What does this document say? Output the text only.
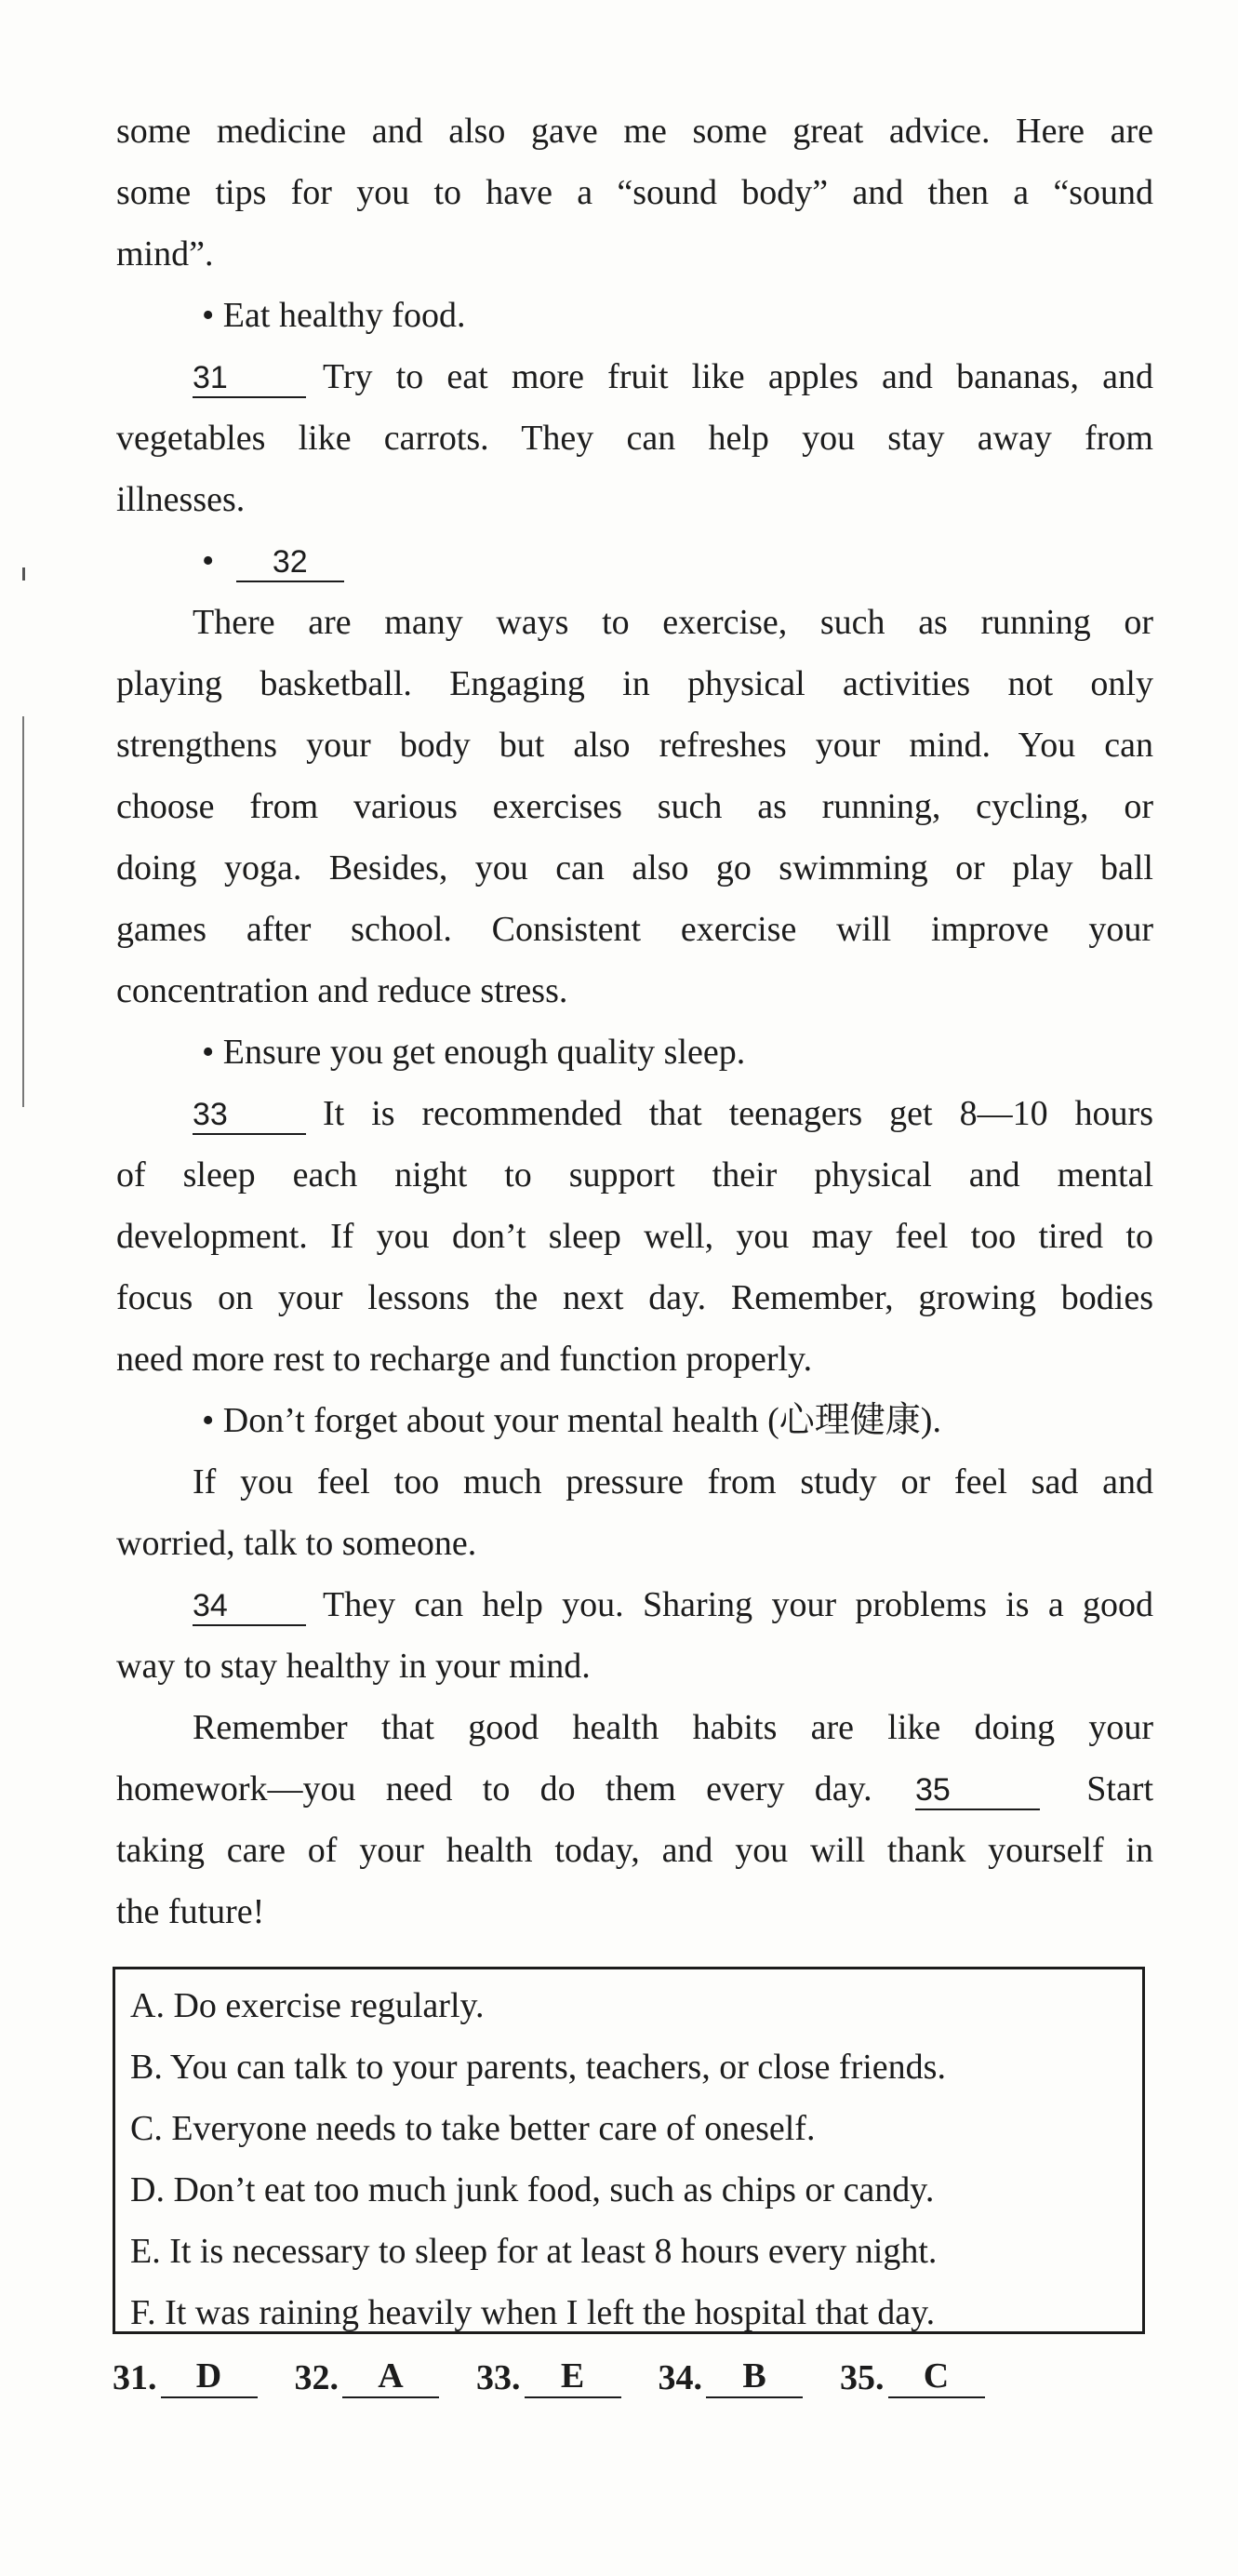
some medicine and also gave me some great advice. Here are
some tips for you to have a “sound body” and then a “sound
mind”.
• Eat healthy food.
31	Try to eat more fruit like apples and bananas, and
vegetables like carrots. They can help you stay away from
illnesses.
• 32
There are many ways to exercise, such as running or
playing basketball. Engaging in physical activities not only
strengthens your body but also refreshes your mind. You can
choose from various exercises such as running, cycling, or
doing yoga. Besides, you can also go swimming or play ball
games after school. Consistent exercise will improve your
concentration and reduce stress.
• Ensure you get enough quality sleep.
33	It is recommended that teenagers get 8—10 hours
of sleep each night to support their physical and mental
development. If you don’t sleep well, you may feel too tired to
focus on your lessons the next day. Remember, growing bodies
need more rest to recharge and function properly.
• Don’t forget about your mental health (心理健康).
If you feel too much pressure from study or feel sad and
worried, talk to someone.
34	They can help you. Sharing your problems is a good
way to stay healthy in your mind.
Remember that good health habits are like doing your
homework—you need to do them every day. 35	Start
taking care of your health today, and you will thank yourself in
the future!
A. Do exercise regularly.
B. You can talk to your parents, teachers, or close friends.
C. Everyone needs to take better care of oneself.
D. Don’t eat too much junk food, such as chips or candy.
E. It is necessary to sleep for at least 8 hours every night.
F. It was raining heavily when I left the hospital that day.
31.	D	32.	A	33.	E	34.	B	35.	C
